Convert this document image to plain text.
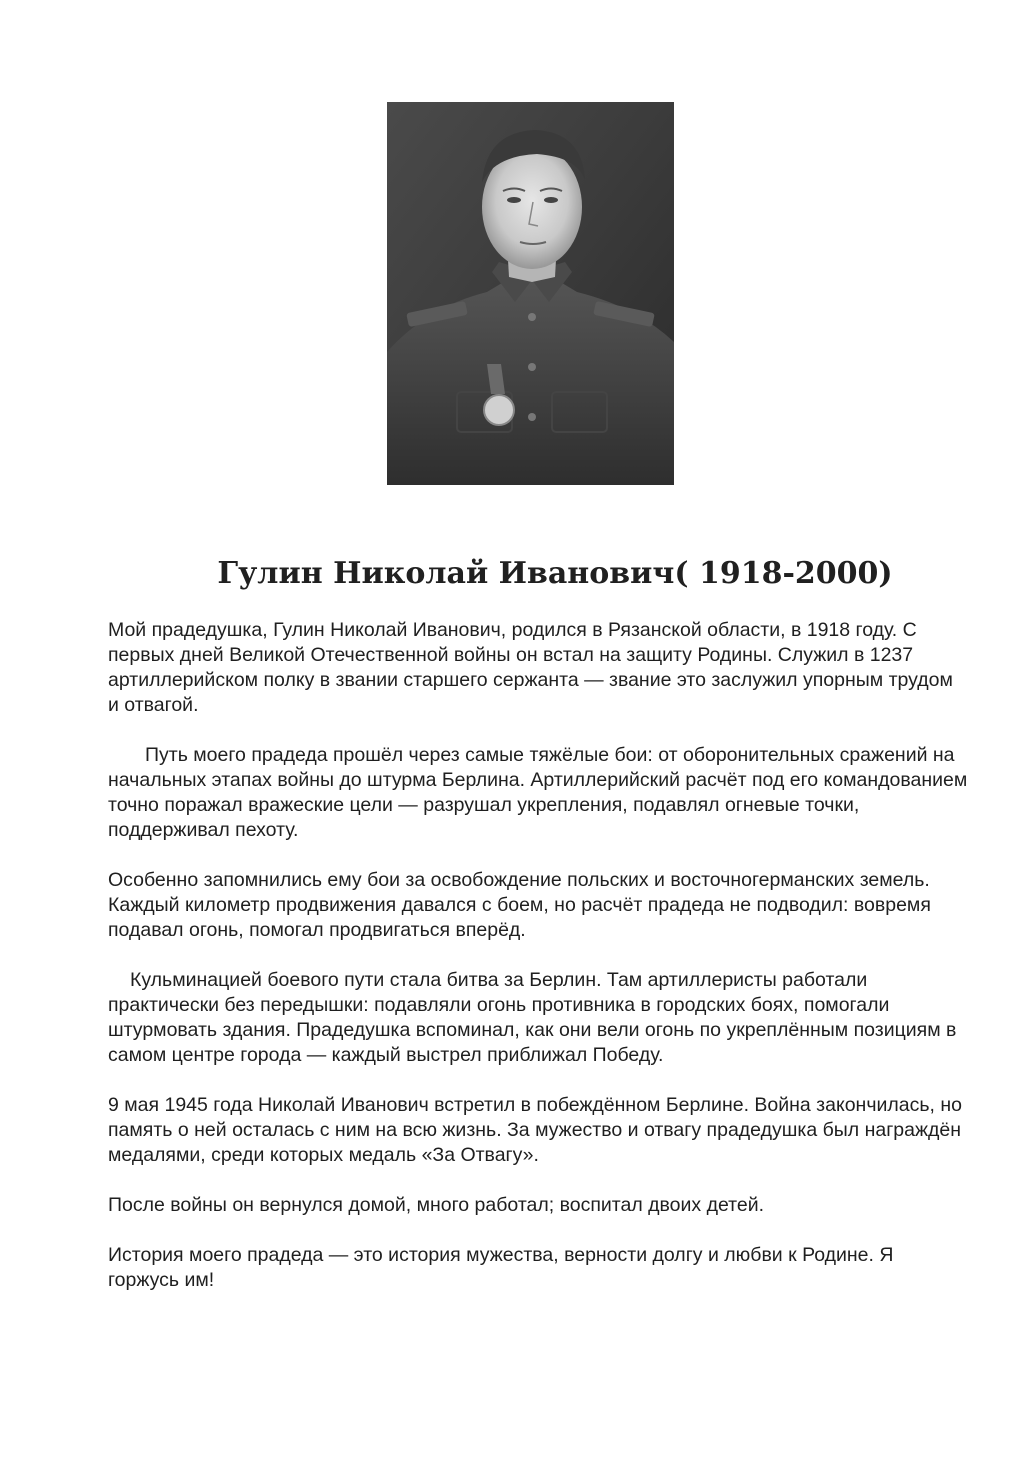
Гулин Николай Иванович( 1918-2000)

Мой прадедушка, Гулин Николай Иванович, родился в Рязанской области, в 1918 году. С первых дней Великой Отечественной войны он встал на защиту Родины. Служил в 1237 артиллерийском полку в звании старшего сержанта — звание это заслужил упорным трудом и отвагой.

Путь моего прадеда прошёл через самые тяжёлые бои: от оборонительных сражений на начальных этапах войны до штурма Берлина. Артиллерийский расчёт под его командованием точно поражал вражеские цели — разрушал укрепления, подавлял огневые точки, поддерживал пехоту.

Особенно запомнились ему бои за освобождение польских и восточногерманских земель. Каждый километр продвижения давался с боем, но расчёт прадеда не подводил: вовремя подавал огонь, помогал продвигаться вперёд.

Кульминацией боевого пути стала битва за Берлин. Там артиллеристы работали практически без передышки: подавляли огонь противника в городских боях, помогали штурмовать здания. Прадедушка вспоминал, как они вели огонь по укреплённым позициям в самом центре города — каждый выстрел приближал Победу.

9 мая 1945 года Николай Иванович встретил в побеждённом Берлине. Война закончилась, но память о ней осталась с ним на всю жизнь. За мужество и отвагу прадедушка был награждён медалями, среди которых медаль «За Отвагу».

После войны он вернулся домой, много работал; воспитал двоих детей.

История моего прадеда — это история мужества, верности долгу и любви к Родине. Я горжусь им!
